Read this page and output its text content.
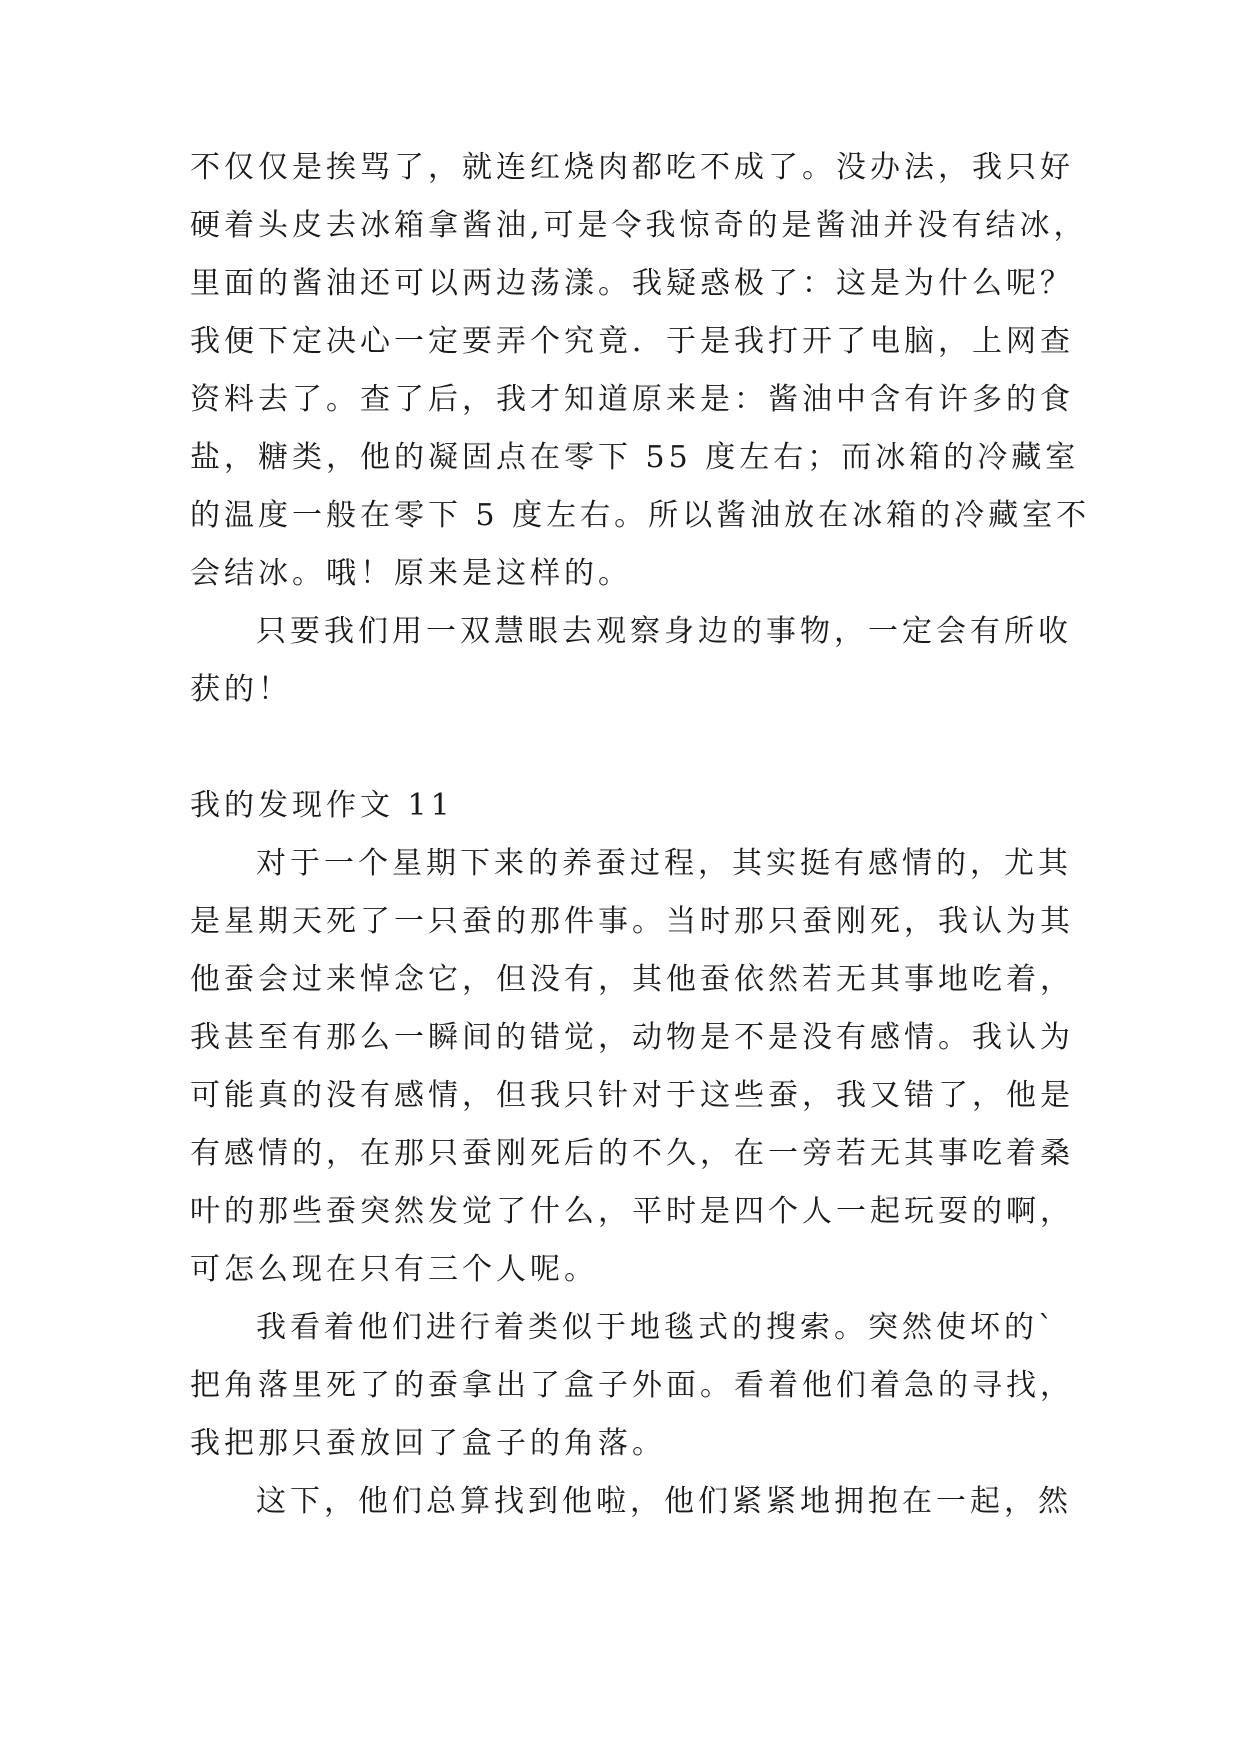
不仅仅是挨骂了，就连红烧肉都吃不成了。没办法，我只好
硬着头皮去冰箱拿酱油,可是令我惊奇的是酱油并没有结冰，
里面的酱油还可以两边荡漾。我疑惑极了：这是为什么呢？
我便下定决心一定要弄个究竟．于是我打开了电脑，上网查
资料去了。查了后，我才知道原来是：酱油中含有许多的食
盐，糖类，他的凝固点在零下 55 度左右；而冰箱的冷藏室
的温度一般在零下 5 度左右。所以酱油放在冰箱的冷藏室不
会结冰。哦！原来是这样的。
只要我们用一双慧眼去观察身边的事物，一定会有所收
获的！
我的发现作文 11
对于一个星期下来的养蚕过程，其实挺有感情的，尤其
是星期天死了一只蚕的那件事。当时那只蚕刚死，我认为其
他蚕会过来悼念它，但没有，其他蚕依然若无其事地吃着，
我甚至有那么一瞬间的错觉，动物是不是没有感情。我认为
可能真的没有感情，但我只针对于这些蚕，我又错了，他是
有感情的，在那只蚕刚死后的不久，在一旁若无其事吃着桑
叶的那些蚕突然发觉了什么，平时是四个人一起玩耍的啊，
可怎么现在只有三个人呢。
我看着他们进行着类似于地毯式的搜索。突然使坏的`
把角落里死了的蚕拿出了盒子外面。看着他们着急的寻找，
我把那只蚕放回了盒子的角落。
这下，他们总算找到他啦，他们紧紧地拥抱在一起，然
